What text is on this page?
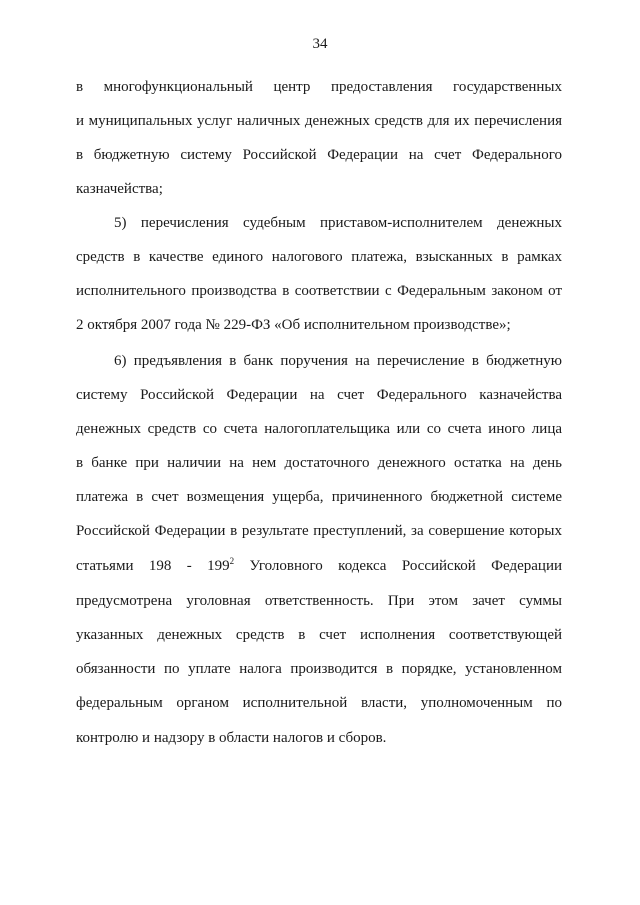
34
в многофункциональный центр предоставления государственных
и муниципальных услуг наличных денежных средств для их перечисления
в бюджетную систему Российской Федерации на счет Федерального
казначейства;
5) перечисления судебным приставом-исполнителем денежных
средств в качестве единого налогового платежа, взысканных в рамках
исполнительного производства в соответствии с Федеральным законом от
2 октября 2007 года № 229-ФЗ «Об исполнительном производстве»;
6) предъявления в банк поручения на перечисление в бюджетную
систему Российской Федерации на счет Федерального казначейства
денежных средств со счета налогоплательщика или со счета иного лица
в банке при наличии на нем достаточного денежного остатка на день
платежа в счет возмещения ущерба, причиненного бюджетной системе
Российской Федерации в результате преступлений, за совершение которых
статьями $198 - 199^2$ Уголовного кодекса Российской Федерации
предусмотрена уголовная ответственность. При этом зачет суммы
указанных денежных средств в счет исполнения соответствующей
обязанности по уплате налога производится в порядке, установленном
федеральным органом исполнительной власти, уполномоченным по
контролю и надзору в области налогов и сборов.
